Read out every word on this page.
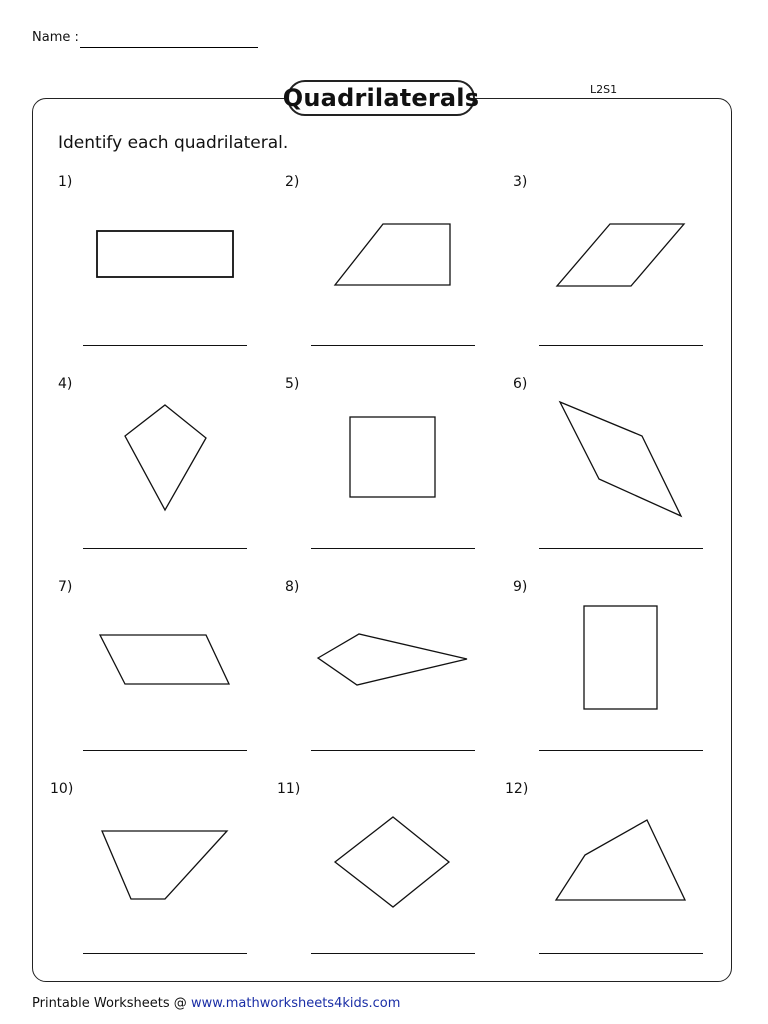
Name :
Quadrilaterals	L2S1
Identify each quadrilateral.
1)	2)	3)
4)	5)	6)
7)	8)	9)
10)	11)	12)
Printable Worksheets @ www.mathworksheets4kids.com
